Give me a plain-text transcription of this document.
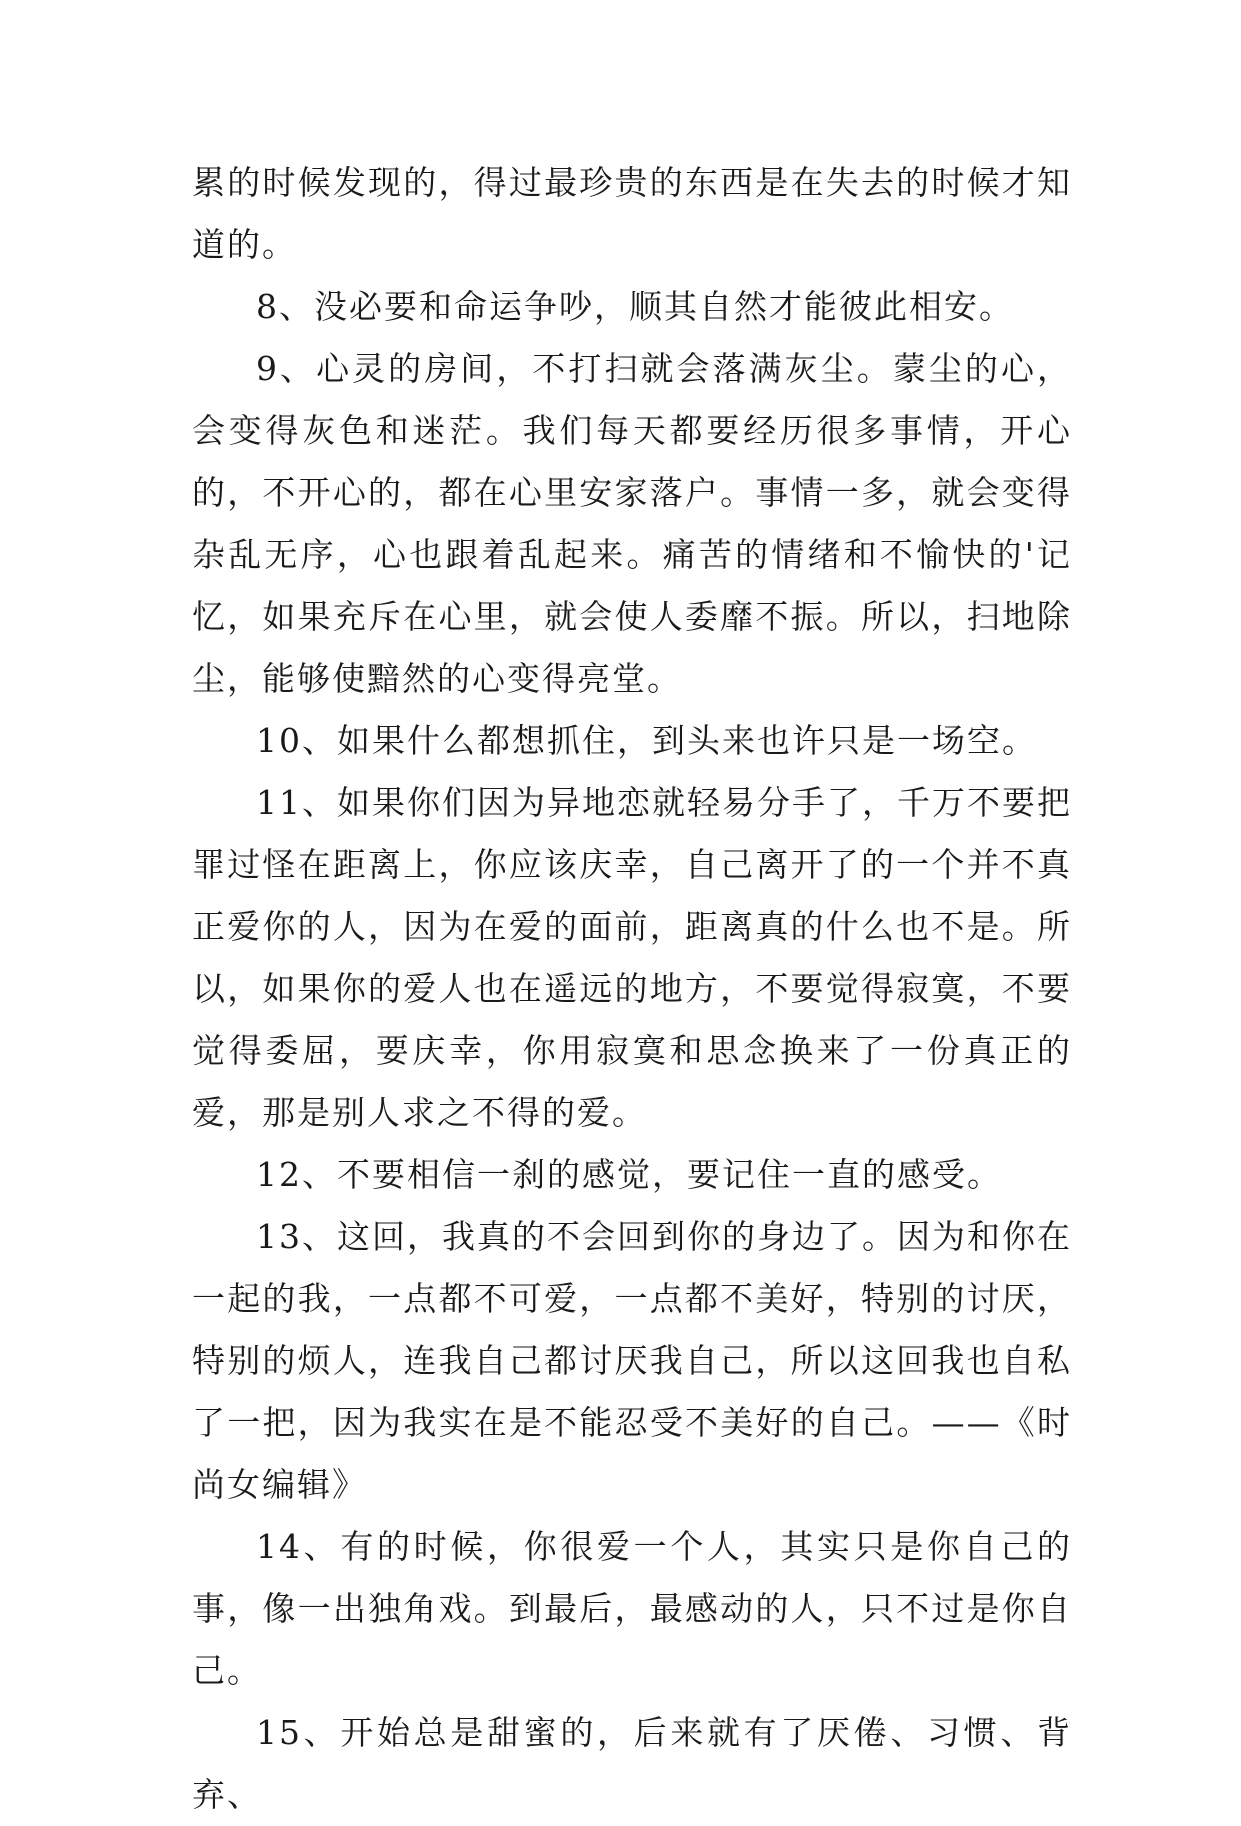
累的时候发现的，得过最珍贵的东西是在失去的时候才知道的。

8、没必要和命运争吵，顺其自然才能彼此相安。

9、心灵的房间，不打扫就会落满灰尘。蒙尘的心，会变得灰色和迷茫。我们每天都要经历很多事情，开心的，不开心的，都在心里安家落户。事情一多，就会变得杂乱无序，心也跟着乱起来。痛苦的情绪和不愉快的'记忆，如果充斥在心里，就会使人委靡不振。所以，扫地除尘，能够使黯然的心变得亮堂。

10、如果什么都想抓住，到头来也许只是一场空。

11、如果你们因为异地恋就轻易分手了，千万不要把罪过怪在距离上，你应该庆幸，自己离开了的一个并不真正爱你的人，因为在爱的面前，距离真的什么也不是。所以，如果你的爱人也在遥远的地方，不要觉得寂寞，不要觉得委屈，要庆幸，你用寂寞和思念换来了一份真正的爱，那是别人求之不得的爱。

12、不要相信一刹的感觉，要记住一直的感受。

13、这回，我真的不会回到你的身边了。因为和你在一起的我，一点都不可爱，一点都不美好，特别的讨厌，特别的烦人，连我自己都讨厌我自己，所以这回我也自私了一把，因为我实在是不能忍受不美好的自己。——《时尚女编辑》

14、有的时候，你很爱一个人，其实只是你自己的事，像一出独角戏。到最后，最感动的人，只不过是你自己。

15、开始总是甜蜜的，后来就有了厌倦、习惯、背弃、
